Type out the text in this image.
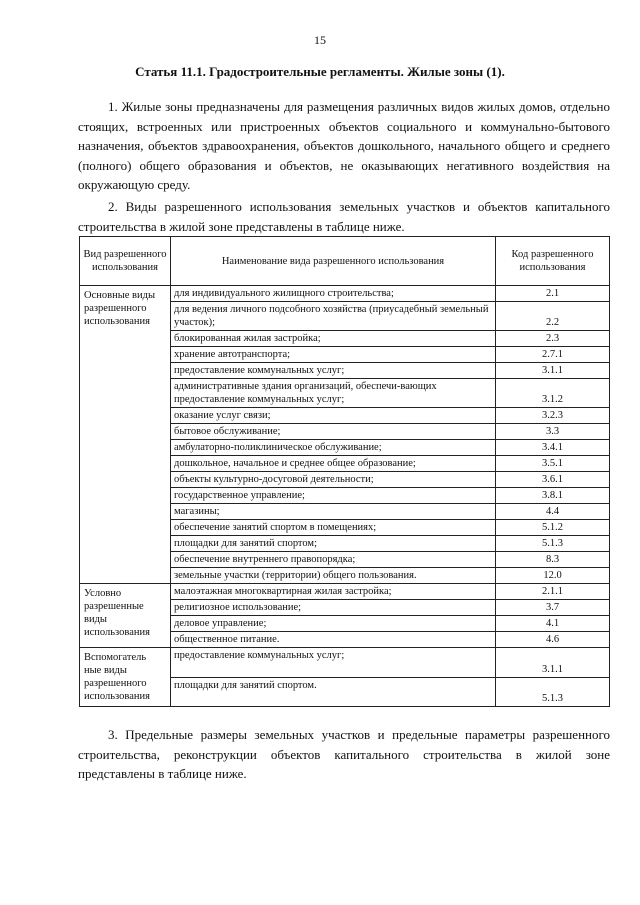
15
Статья 11.1. Градостроительные регламенты. Жилые зоны (1).
1. Жилые зоны предназначены для размещения различных видов жилых домов, отдельно стоящих, встроенных или пристроенных объектов социального и коммунально-бытового назначения, объектов здравоохранения, объектов дошкольного, начального общего и среднего (полного) общего образования и объектов, не оказывающих негативного воздействия на окружающую среду.
2. Виды разрешенного использования земельных участков и объектов капитального строительства в жилой зоне представлены в таблице ниже.
Вид разрешенного использования	Наименование вида разрешенного использования	Код разрешенного использования
Основные виды разрешенного использования	для индивидуального жилищного строительства;	2.1
	для ведения личного подсобного хозяйства (приусадебный земельный участок);	2.2
	блокированная жилая застройка;	2.3
	хранение автотранспорта;	2.7.1
	предоставление коммунальных услуг;	3.1.1
	административные здания организаций, обеспечи-вающих предоставление коммунальных услуг;	3.1.2
	оказание услуг связи;	3.2.3
	бытовое обслуживание;	3.3
	амбулаторно-поликлиническое обслуживание;	3.4.1
	дошкольное, начальное и среднее общее образование;	3.5.1
	объекты культурно-досуговой деятельности;	3.6.1
	государственное управление;	3.8.1
	магазины;	4.4
	обеспечение занятий спортом в помещениях;	5.1.2
	площадки для занятий спортом;	5.1.3
	обеспечение внутреннего правопорядка;	8.3
	земельные участки (территории) общего пользования.	12.0
Условно разрешенные виды использования	малоэтажная многоквартирная жилая застройка;	2.1.1
	религиозное использование;	3.7
	деловое управление;	4.1
	общественное питание.	4.6
Вспомогатель ные виды разрешенного использования	предоставление коммунальных услуг;	3.1.1
	площадки для занятий спортом.	5.1.3
3. Предельные размеры земельных участков и предельные параметры разрешенного строительства, реконструкции объектов капитального строительства в жилой зоне представлены в таблице ниже.
